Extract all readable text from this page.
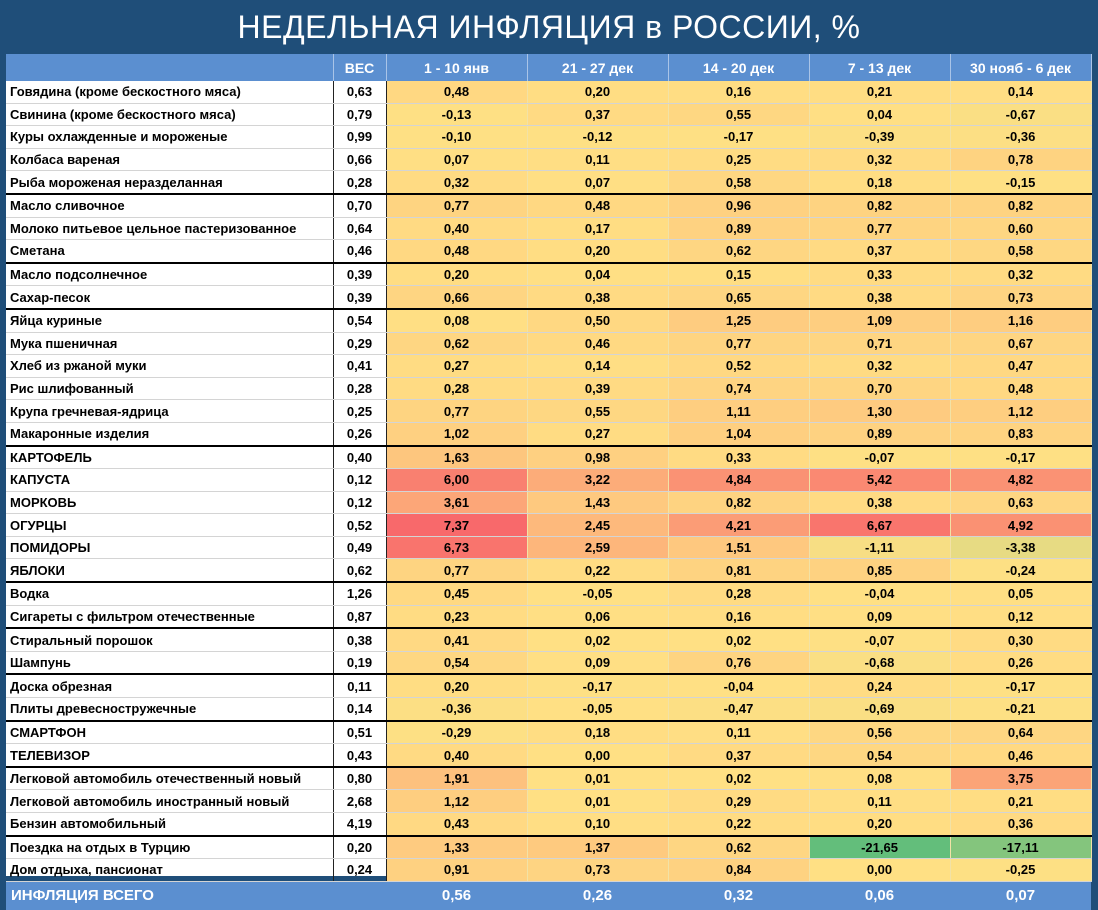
НЕДЕЛЬНАЯ ИНФЛЯЦИЯ в РОССИИ, %
	ВЕС	1 - 10 янв	21 - 27 дек	14 - 20 дек	7 - 13 дек	30 нояб - 6 дек
Говядина (кроме бескостного мяса)	0,63	0,48	0,20	0,16	0,21	0,14
Свинина (кроме бескостного мяса)	0,79	-0,13	0,37	0,55	0,04	-0,67
Куры охлажденные и мороженые	0,99	-0,10	-0,12	-0,17	-0,39	-0,36
Колбаса вареная	0,66	0,07	0,11	0,25	0,32	0,78
Рыба мороженая неразделанная	0,28	0,32	0,07	0,58	0,18	-0,15
Масло сливочное	0,70	0,77	0,48	0,96	0,82	0,82
Молоко питьевое цельное пастеризованное	0,64	0,40	0,17	0,89	0,77	0,60
Сметана	0,46	0,48	0,20	0,62	0,37	0,58
Масло подсолнечное	0,39	0,20	0,04	0,15	0,33	0,32
Сахар-песок	0,39	0,66	0,38	0,65	0,38	0,73
Яйца куриные	0,54	0,08	0,50	1,25	1,09	1,16
Мука пшеничная	0,29	0,62	0,46	0,77	0,71	0,67
Хлеб из ржаной муки	0,41	0,27	0,14	0,52	0,32	0,47
Рис шлифованный	0,28	0,28	0,39	0,74	0,70	0,48
Крупа гречневая-ядрица	0,25	0,77	0,55	1,11	1,30	1,12
Макаронные изделия	0,26	1,02	0,27	1,04	0,89	0,83
КАРТОФЕЛЬ	0,40	1,63	0,98	0,33	-0,07	-0,17
КАПУСТА	0,12	6,00	3,22	4,84	5,42	4,82
МОРКОВЬ	0,12	3,61	1,43	0,82	0,38	0,63
ОГУРЦЫ	0,52	7,37	2,45	4,21	6,67	4,92
ПОМИДОРЫ	0,49	6,73	2,59	1,51	-1,11	-3,38
ЯБЛОКИ	0,62	0,77	0,22	0,81	0,85	-0,24
Водка	1,26	0,45	-0,05	0,28	-0,04	0,05
Сигареты с фильтром отечественные	0,87	0,23	0,06	0,16	0,09	0,12
Стиральный порошок	0,38	0,41	0,02	0,02	-0,07	0,30
Шампунь	0,19	0,54	0,09	0,76	-0,68	0,26
Доска обрезная	0,11	0,20	-0,17	-0,04	0,24	-0,17
Плиты древесностружечные	0,14	-0,36	-0,05	-0,47	-0,69	-0,21
СМАРТФОН	0,51	-0,29	0,18	0,11	0,56	0,64
ТЕЛЕВИЗОР	0,43	0,40	0,00	0,37	0,54	0,46
Легковой автомобиль отечественный новый	0,80	1,91	0,01	0,02	0,08	3,75
Легковой автомобиль иностранный новый	2,68	1,12	0,01	0,29	0,11	0,21
Бензин автомобильный	4,19	0,43	0,10	0,22	0,20	0,36
Поездка на отдых в Турцию	0,20	1,33	1,37	0,62	-21,65	-17,11
Дом отдыха, пансионат	0,24	0,91	0,73	0,84	0,00	-0,25
ИНФЛЯЦИЯ ВСЕГО		0,56	0,26	0,32	0,06	0,07
